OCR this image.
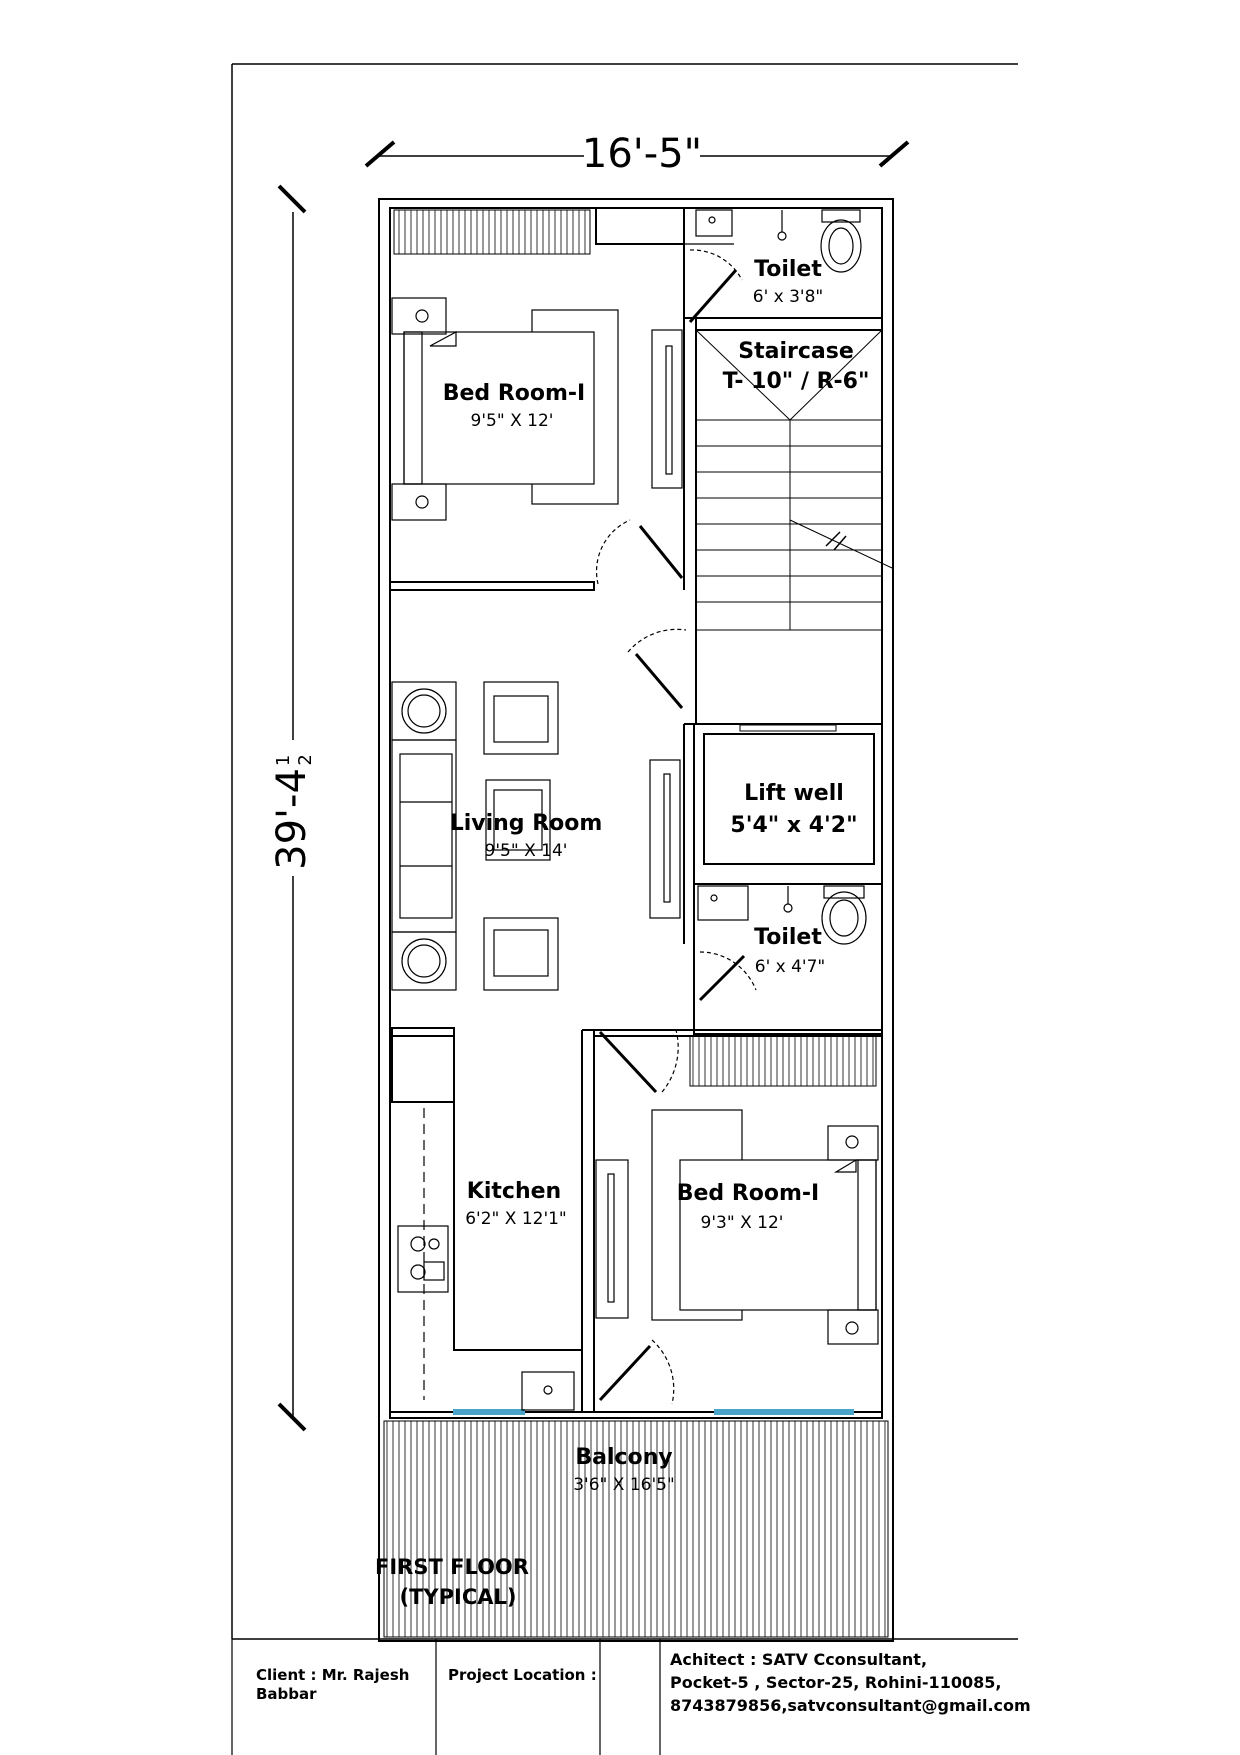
16'-5"
$39'-4^12$
Toilet
6' x 3'8"
Staircase
T- 10" / R-6"
Bed Room-I
9'5" X 12'
Lift well
5'4" x 4'2"
Living Room
9'5" X 14'
Toilet
6' x 4'7"
Kitchen
6'2" X 12'1"
Bed Room-I
9'3" X 12'
Balcony
3'6" X 16'5"
FIRST FLOOR
(TYPICAL)
Client : Mr. Rajesh
Babbar
Project Location :
Achitect : SATV Cconsultant,
Pocket-5 , Sector-25, Rohini-110085,
8743879856,satvconsultant@gmail.com
